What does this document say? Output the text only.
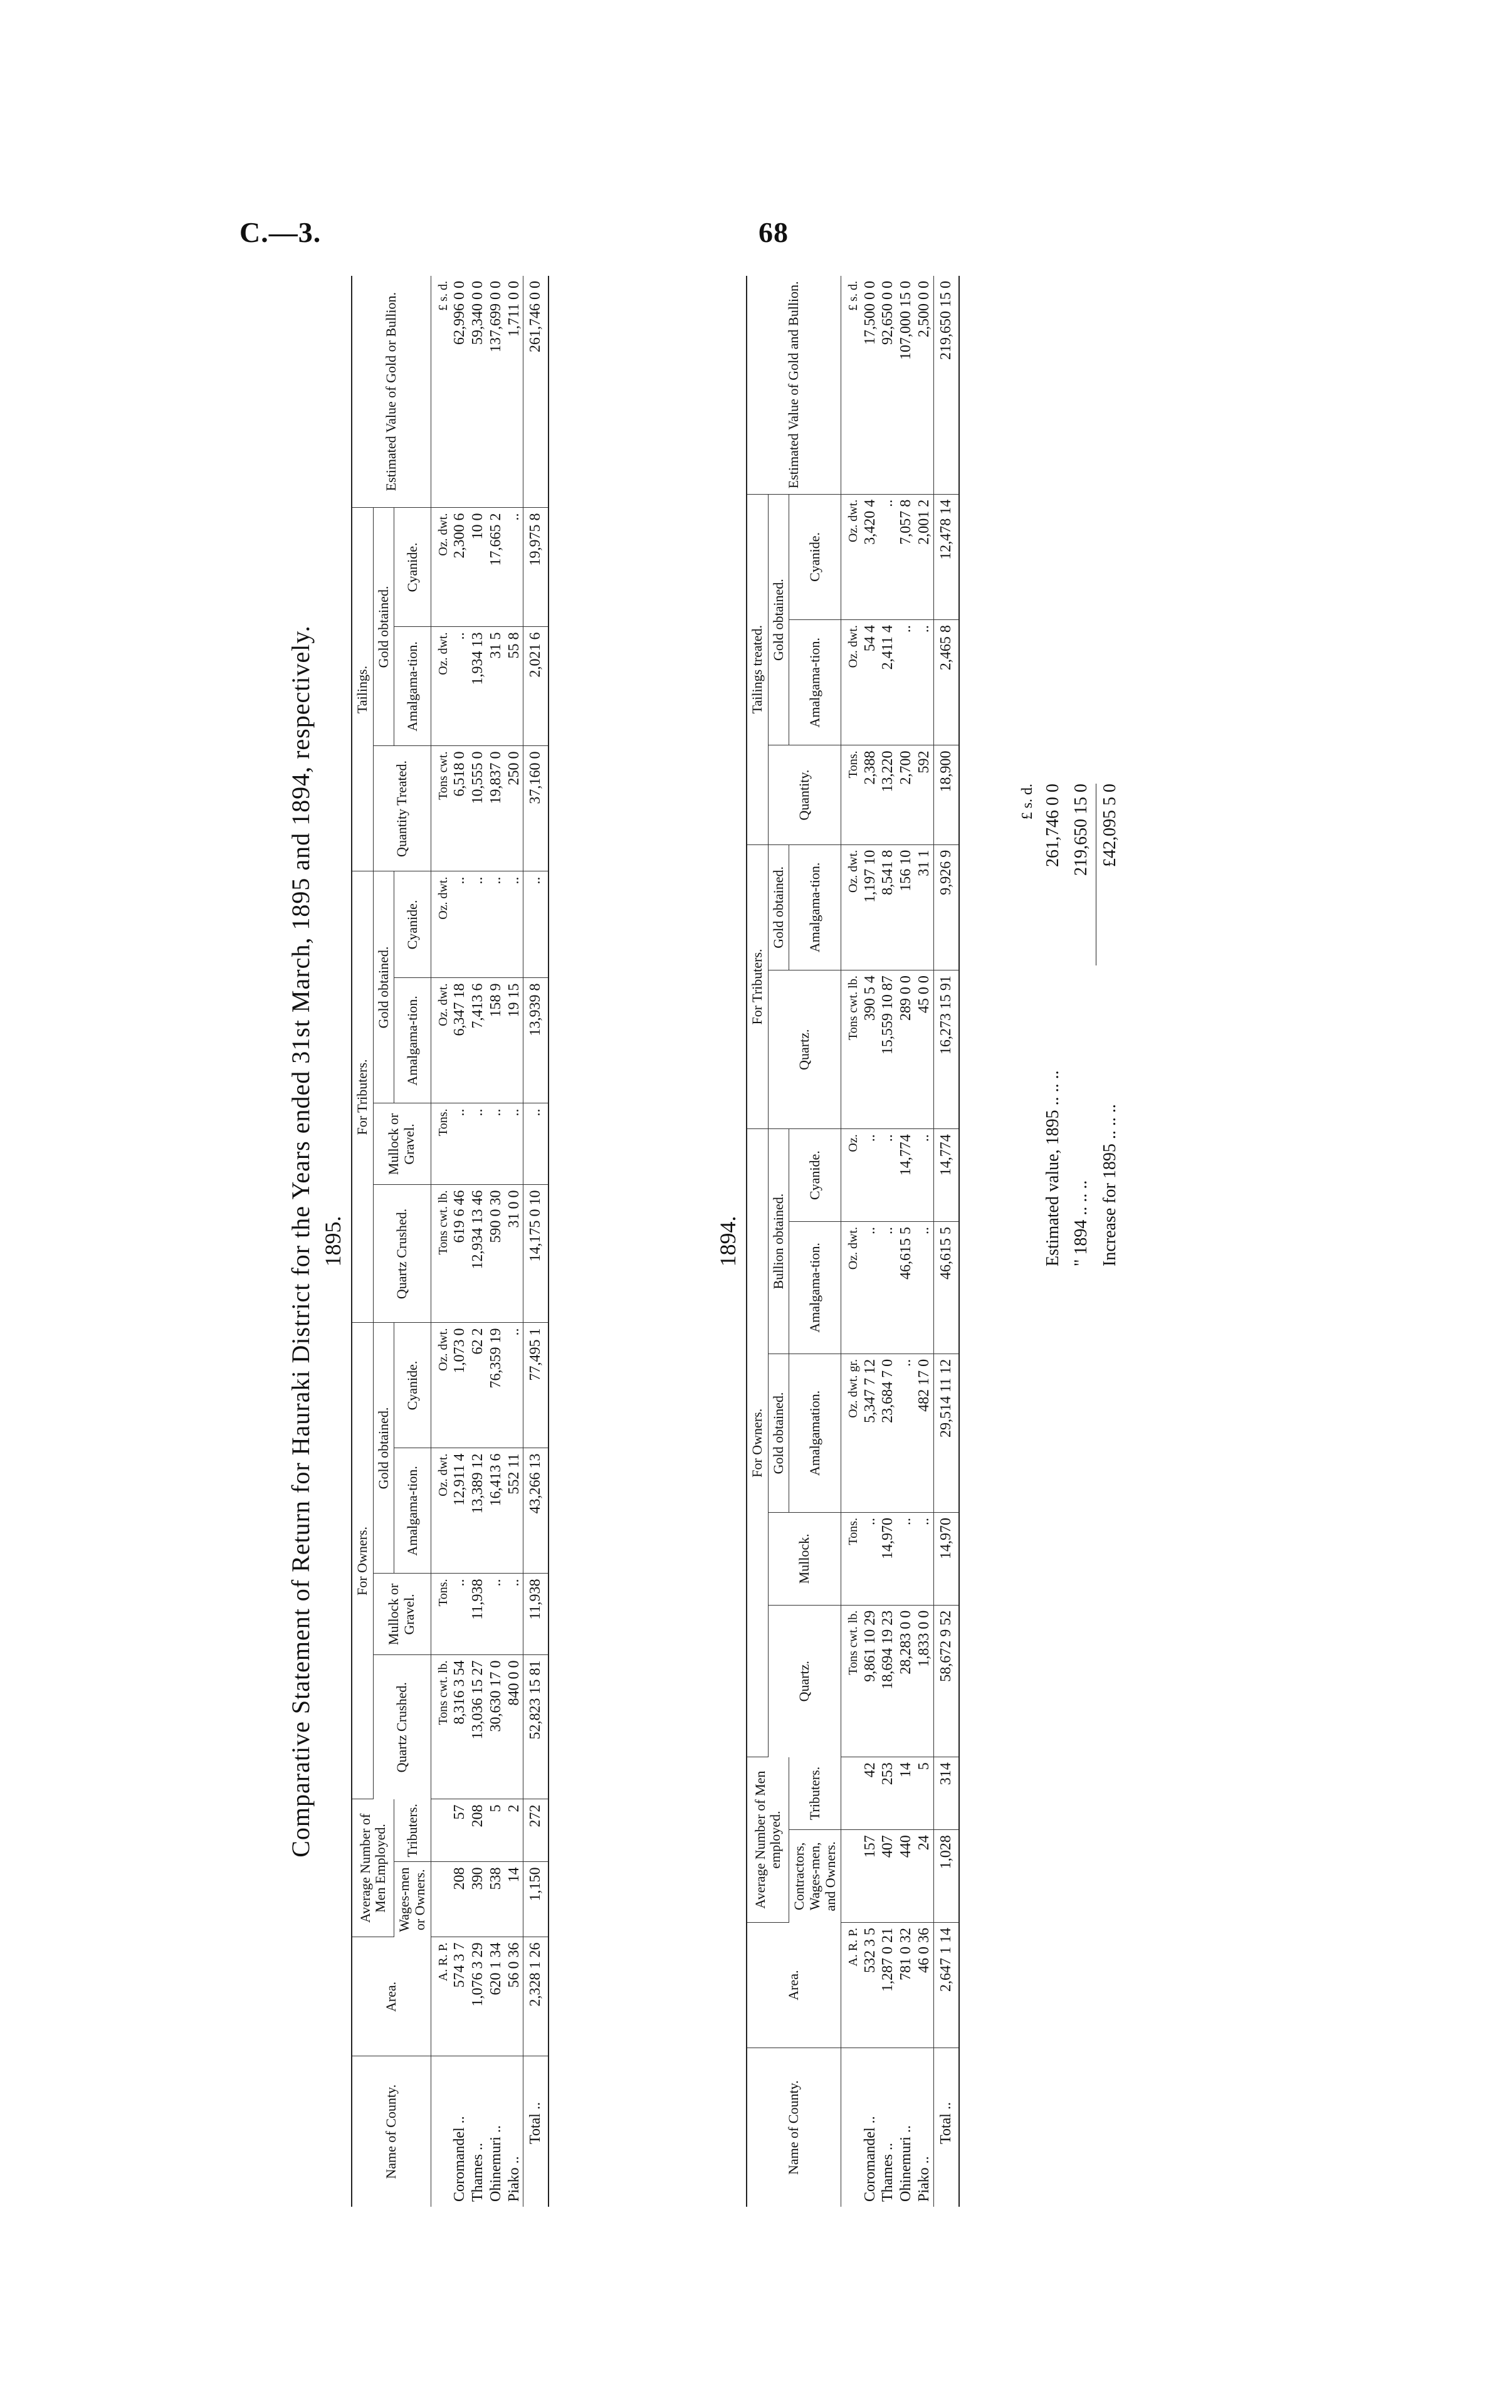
C.—3.	68
Comparative Statement of Return for Hauraki District for the Years ended 31st March, 1895 and 1894, respectively. 1895.
Name of County.	Area.	Average Number of Men Employed.		For Owners.				For Tributers.				Tailings.			Estimated Value of Gold or Bullion.
				Quartz Crushed.	Mullock or Gravel.	Gold obtained.		Quartz Crushed.	Mullock or Gravel.	Gold obtained.		Quantity Treated.	Gold obtained.		
		Wages-men or Owners.	Tributers.			Amalgama-tion.	Cyanide.			Amalgama-tion.	Cyanide.		Amalgama-tion.	Cyanide.	
	A. R. P.			Tons cwt. lb.	Tons.	Oz. dwt.	Oz. dwt.	Tons cwt. lb.	Tons.	Oz. dwt.	Oz. dwt.	Tons cwt.	Oz. dwt.	Oz. dwt.	£ s. d.
Coromandel ..	574 3 7	208	57	8,316 3 54	..	12,911 4	1,073 0	619 6 46	..	6,347 18	..	6,518 0	..	2,300 6	62,996 0 0
Thames ..	1,076 3 29	390	208	13,036 15 27	11,938	13,389 12	62 2	12,934 13 46	..	7,413 6	..	10,555 0	1,934 13	10 0	59,340 0 0
Ohinemuri ..	620 1 34	538	5	30,630 17 0	..	16,413 6	76,359 19	590 0 30	..	158 9	..	19,837 0	31 5	17,665 2	137,699 0 0
Piako ..	56 0 36	14	2	840 0 0	..	552 11	..	31 0 0	..	19 15	..	250 0	55 8	..	1,711 0 0
Total ..	2,328 1 26	1,150	272	52,823 15 81	11,938	43,266 13	77,495 1	14,175 0 10	..	13,939 8	..	37,160 0	2,021 6	19,975 8	261,746 0 0
1894.
Name of County.	Area.	Average Number of Men employed.		For Owners.					For Tributers.		Tailings treated.			Estimated Value of Gold and Bullion.
				Quartz.	Mullock.	Gold obtained.	Bullion obtained.		Quartz.	Gold obtained.	Quantity.	Gold obtained.		
		Contractors, Wages-men, and Owners.	Tributers.			Amalgamation.	Amalgama-tion.	Cyanide.		Amalgama-tion.		Amalgama-tion.	Cyanide.	
	A. R. P.			Tons cwt. lb.	Tons.	Oz. dwt. gr.	Oz. dwt.	Oz.	Tons cwt. lb.	Oz. dwt.	Tons.	Oz. dwt.	Oz. dwt.	£ s. d.
Coromandel ..	532 3 5	157	42	9,861 10 29	..	5,347 7 12	..	..	390 5 4	1,197 10	2,388	54 4	3,420 4	17,500 0 0
Thames ..	1,287 0 21	407	253	18,694 19 23	14,970	23,684 7 0	..	..	15,559 10 87	8,541 8	13,220	2,411 4	..	92,650 0 0
Ohinemuri ..	781 0 32	440	14	28,283 0 0	..	..	46,615 5	14,774	289 0 0	156 10	2,700	..	7,057 8	107,000 15 0
Piako ..	46 0 36	24	5	1,833 0 0	..	482 17 0	..	..	45 0 0	31 1	592	..	2,001 2	2,500 0 0
Total ..	2,647 1 14	1,028	314	58,672 9 52	14,970	29,514 11 12	46,615 5	14,774	16,273 15 91	9,926 9	18,900	2,465 8	12,478 14	219,650 15 0
£ s. d.
Estimated value, 1895 .. .. ..
261,746 0 0
" 1894 .. .. ..
219,650 15 0
Increase for 1895 .. .. ..
£42,095 5 0
